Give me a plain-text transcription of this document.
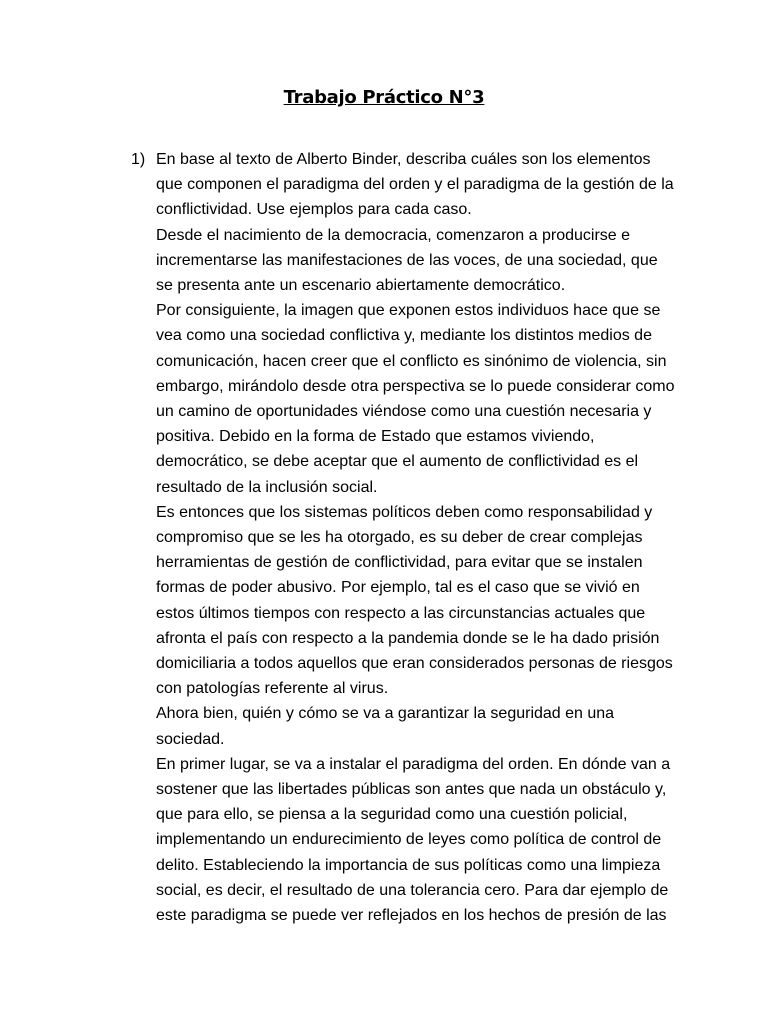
Trabajo Práctico N°3
1) En base al texto de Alberto Binder, describa cuáles son los elementos
que componen el paradigma del orden y el paradigma de la gestión de la
conflictividad. Use ejemplos para cada caso.
Desde el nacimiento de la democracia, comenzaron a producirse e
incrementarse las manifestaciones de las voces, de una sociedad, que
se presenta ante un escenario abiertamente democrático.
Por consiguiente, la imagen que exponen estos individuos hace que se
vea como una sociedad conflictiva y, mediante los distintos medios de
comunicación, hacen creer que el conflicto es sinónimo de violencia, sin
embargo, mirándolo desde otra perspectiva se lo puede considerar como
un camino de oportunidades viéndose como una cuestión necesaria y
positiva. Debido en la forma de Estado que estamos viviendo,
democrático, se debe aceptar que el aumento de conflictividad es el
resultado de la inclusión social.
Es entonces que los sistemas políticos deben como responsabilidad y
compromiso que se les ha otorgado, es su deber de crear complejas
herramientas de gestión de conflictividad, para evitar que se instalen
formas de poder abusivo. Por ejemplo, tal es el caso que se vivió en
estos últimos tiempos con respecto a las circunstancias actuales que
afronta el país con respecto a la pandemia donde se le ha dado prisión
domiciliaria a todos aquellos que eran considerados personas de riesgos
con patologías referente al virus.
Ahora bien, quién y cómo se va a garantizar la seguridad en una
sociedad.
En primer lugar, se va a instalar el paradigma del orden. En dónde van a
sostener que las libertades públicas son antes que nada un obstáculo y,
que para ello, se piensa a la seguridad como una cuestión policial,
implementando un endurecimiento de leyes como política de control de
delito. Estableciendo la importancia de sus políticas como una limpieza
social, es decir, el resultado de una tolerancia cero. Para dar ejemplo de
este paradigma se puede ver reflejados en los hechos de presión de las
